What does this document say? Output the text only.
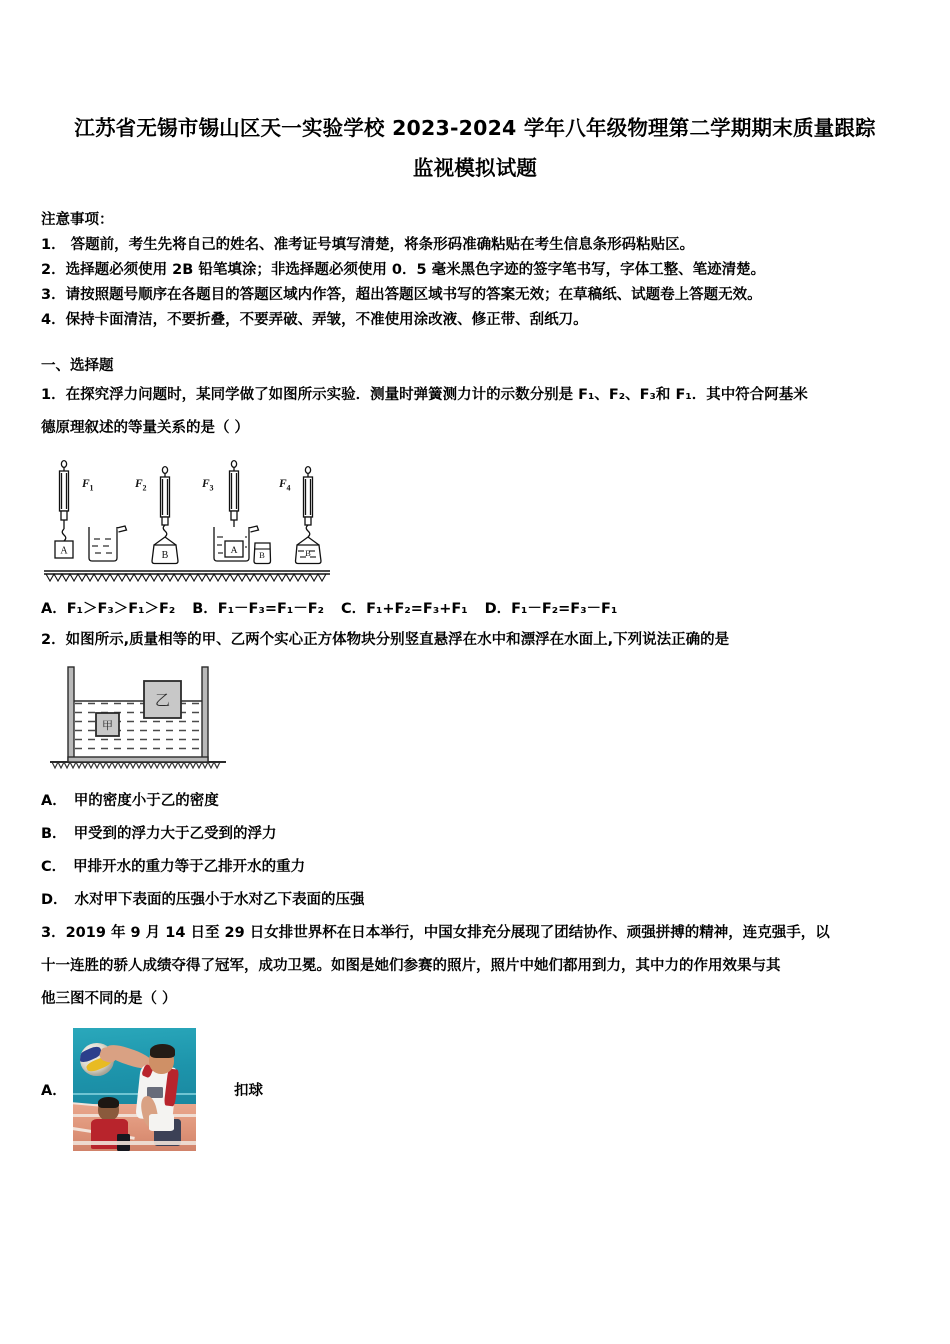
江苏省无锡市锡山区天一实验学校 2023-2024 学年八年级物理第二学期期末质量跟踪
监视模拟试题
注意事项：
1． 答题前，考生先将自己的姓名、准考证号填写清楚，将条形码准确粘贴在考生信息条形码粘贴区。
2．选择题必须使用 2B 铅笔填涂；非选择题必须使用 0．5 毫米黑色字迹的签字笔书写，字体工整、笔迹清楚。
3．请按照题号顺序在各题目的答题区域内作答，超出答题区域书写的答案无效；在草稿纸、试题卷上答题无效。
4．保持卡面清洁，不要折叠，不要弄破、弄皱，不准使用涂改液、修正带、刮纸刀。
一、选择题
1．在探究浮力问题时，某同学做了如图所示实验．测量时弹簧测力计的示数分别是 F₁、F₂、F₃和 F₁．其中符合阿基米
德原理叙述的等量关系的是（ ）
A
F 1	F 2
B
F 3
A	B
F 4
B
A．F₁＞F₃＞F₁＞F₂ B．F₁－F₃=F₁－F₂ C．F₁+F₂=F₃+F₁ D．F₁－F₂=F₃－F₁
2．如图所示,质量相等的甲、乙两个实心正方体物块分别竖直悬浮在水中和漂浮在水面上,下列说法正确的是
乙
甲
A． 甲的密度小于乙的密度
B． 甲受到的浮力大于乙受到的浮力
C． 甲排开水的重力等于乙排开水的重力
D． 水对甲下表面的压强小于水对乙下表面的压强
3．2019 年 9 月 14 日至 29 日女排世界杯在日本举行，中国女排充分展现了团结协作、顽强拼搏的精神，连克强手，以
十一连胜的骄人成绩夺得了冠军，成功卫冕。如图是她们参赛的照片，照片中她们都用到力，其中力的作用效果与其
他三图不同的是（ ）
A．	扣球
